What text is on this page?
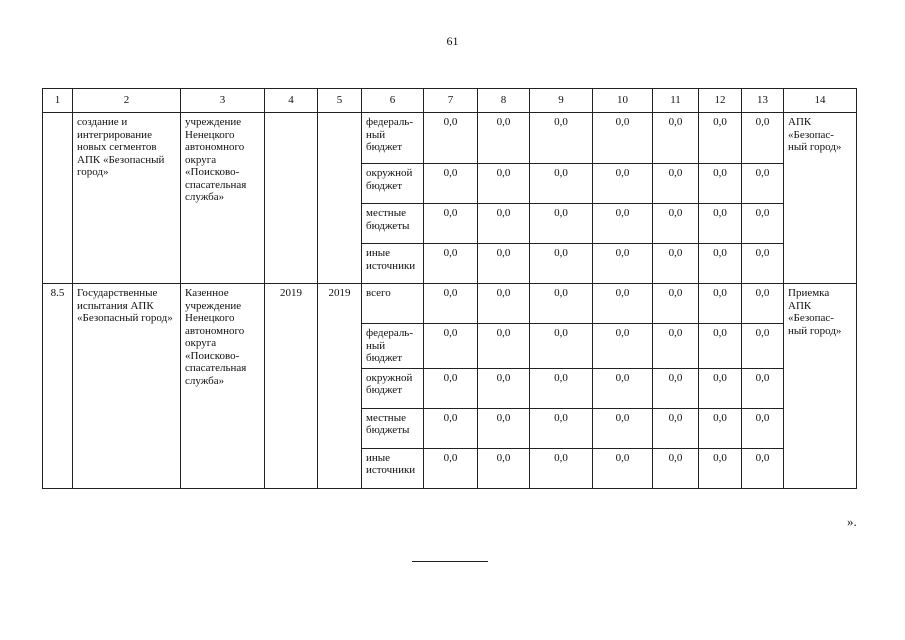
61
1	2	3	4	5	6	7	8	9	10	11	12	13	14
	создание и интегрирование новых сегментов АПК «Безопасный город»	учреждение Ненецкого автономного округа «Поисково-спасательная служба»			федераль-ный бюджет	0,0	0,0	0,0	0,0	0,0	0,0	0,0	АПК «Безопас-ный город»
					окружной бюджет	0,0	0,0	0,0	0,0	0,0	0,0	0,0	
					местные бюджеты	0,0	0,0	0,0	0,0	0,0	0,0	0,0	
					иные источники	0,0	0,0	0,0	0,0	0,0	0,0	0,0	
8.5	Государственные испытания АПК «Безопасный город»	Казенное учреждение Ненецкого автономного округа «Поисково-спасательная служба»	2019	2019	всего	0,0	0,0	0,0	0,0	0,0	0,0	0,0	Приемка АПК «Безопас-ный город»
					федераль-ный бюджет	0,0	0,0	0,0	0,0	0,0	0,0	0,0	
					окружной бюджет	0,0	0,0	0,0	0,0	0,0	0,0	0,0	
					местные бюджеты	0,0	0,0	0,0	0,0	0,0	0,0	0,0	
					иные источники	0,0	0,0	0,0	0,0	0,0	0,0	0,0	
».
